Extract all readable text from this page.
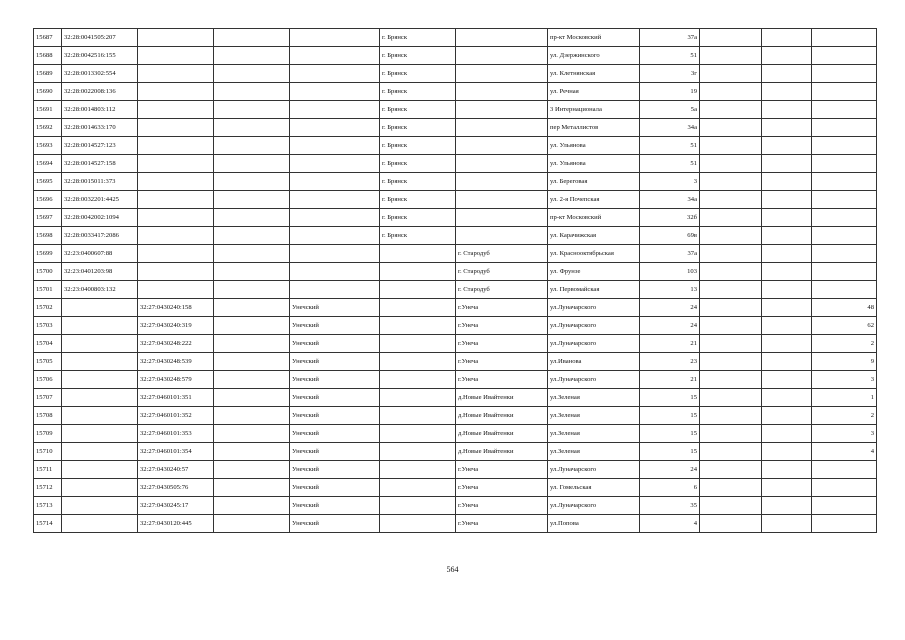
15687	32:28:0041505:207				г. Брянск		пр-кт Московский	37а			
15688	32:28:0042516:155				г. Брянск		ул. Дзержинского	51			
15689	32:28:0013302:554				г. Брянск		ул. Клетнянская	3г			
15690	32:28:0022008:136				г. Брянск		ул. Речная	19			
15691	32:28:0014803:112				г. Брянск		3 Интернационала	5а			
15692	32:28:0014633:170				г. Брянск		пер Металлистов	34а			
15693	32:28:0014527:123				г. Брянск		ул. Ульянова	51			
15694	32:28:0014527:158				г. Брянск		ул. Ульянова	51			
15695	32:28:0015011:373				г. Брянск		ул. Береговая	3			
15696	32:28:0032201:4425				г. Брянск		ул. 2-я Почепская	34а			
15697	32:28:0042002:1094				г. Брянск		пр-кт Московский	32б			
15698	32:28:0033417:2086				г. Брянск		ул. Карачижская	69в			
15699	32:23:0400607:88					г. Стародуб	ул. Красноoктябрьская	37а			
15700	32:23:0401203:98					г. Стародуб	ул. Фрунзе	103			
15701	32:23:0400803:132					г. Стародуб	ул. Первомайская	13			
15702		32:27:0430240:158		Унечский		г.Унеча	ул.Луначарского	24			48
15703		32:27:0430240:319		Унечский		г.Унеча	ул.Луначарского	24			62
15704		32:27:0430248:222		Унечский		г.Унеча	ул.Луначарского	21			2
15705		32:27:0430248:539		Унечский		г.Унеча	ул.Иванова	23			9
15706		32:27:0430248:579		Унечский		г.Унеча	ул.Луначарского	21			3
15707		32:27:0460101:351		Унечский		д.Новые Ивайтенки	ул.Зеленая	15			1
15708		32:27:0460101:352		Унечский		д.Новые Ивайтенки	ул.Зеленая	15			2
15709		32:27:0460101:353		Унечский		д.Новые Ивайтенки	ул.Зеленая	15			3
15710		32:27:0460101:354		Унечский		д.Новые Ивайтенки	ул.Зеленая	15			4
15711		32:27:0430240:57		Унечский		г.Унеча	ул.Луначарского	24			
15712		32:27:0430505:76		Унечский		г.Унеча	ул. Гомельская	6			
15713		32:27:0430245:17		Унечский		г.Унеча	ул.Луначарского	35			
15714		32:27:0430120:445		Унечский		г.Унеча	ул.Попова	4			
564
